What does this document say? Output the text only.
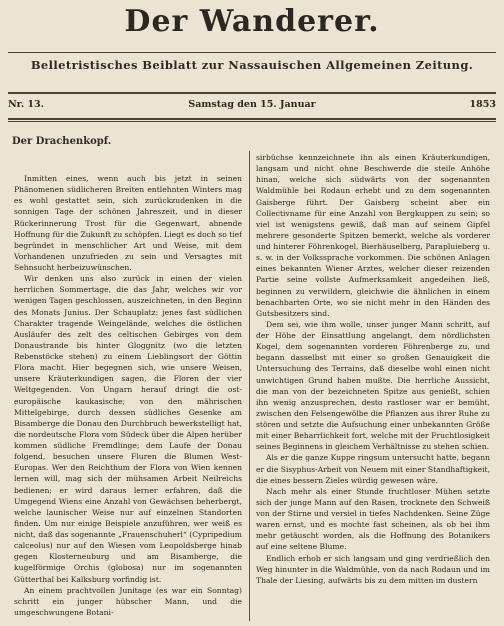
Der Wanderer.
Belletristisches Beiblatt zur Nassauischen Allgemeinen Zeitung.
Nr. 13.	Samstag den 15. Januar	1853
Der Drachenkopf.

Inmitten eines, wenn auch bis jetzt in seinen Phänomenen südlicheren Breiten entlehnten Winters mag es wohl gestattet sein, sich zurückzudenken in die sonnigen Tage der schönen Jahreszeit, und in dieser Rückerinnerung Trost für die Gegenwart, ahnende Hoffnung für die Zukunft zu schöpfen. Liegt es doch so tief begründet in menschlicher Art und Weise, mit dem Vorhandenen unzufrieden zu sein und Versagtes mit Sehnsucht herbeizuwünschen.

Wir denken uns also zurück in einen der vielen herrlichen Sommertage, die das Jahr, welches wir vor wenigen Tagen geschlossen, auszeichneten, in den Beginn des Monats Junius. Der Schauplatz: jenes fast südlichen Charakter tragende Weingelände, welches die östlichen Ausläufer des zelt des celtischen Gebirges von dem Donaustrande bis hinter Gloggnitz (wo die letzten Rebenstöcke stehen) zu einem Lieblingsort der Göttin Flora macht. Hier begegnen sich, wie unsere Weisen, unsere Kräuterkundigen sagen, die Floren der vier Weltgegenden. Von Ungarn herauf dringt die ost-europäische kaukasische; von den mährischen Mittelgebirge, durch dessen südliches Gesenke am Bisamberge die Donau den Durchbruch bewerkstelligt hat, die nordeutsche Flora vom Südeck über die Alpen herüber kommen südliche Fremdlinge; dem Laufe der Donau folgend, besuchen unsere Fluren die Blumen West-Europas. Wer den Reichthum der Flora von Wien kennen lernen will, mag sich der mühsamen Arbeit Neilreichs bedienen; er wird daraus lerner erfahren, daß die Umgegend Wiens eine Anzahl von Gewächsen beherbergt, welche launischer Weise nur auf einzelnen Standorten finden. Um nur einige Beispiele anzuführen, wer weiß es nicht, daß das sogenannte „Frauenschuherl“ (Cypripedium calceolus) nur auf den Wiesen vom Leopoldsberge hinab gegen Klosterneuburg und am Bisamberge, die kugelförmige Orchis (globosa) nur im sogenannten Gütterthal bei Kalksburg vorfindig ist.

An einem prachtvollen Junitage (es war ein Sonntag) schritt ein junger hübscher Mann, und die umgeschwungene Botani-

sirbüchse kennzeichnete ihn als einen Kräuterkundigen, langsam und nicht ohne Beschwerde die steile Anhöhe hinan, welche sich südwärts von der sogenannten Waldmühle bei Rodaun erhebt und zu dem sogenannten Gaisberge führt. Der Gaisberg scheint aber ein Collectivname für eine Anzahl von Bergkuppen zu sein; so viel ist wenigstens gewiß, daß man auf seinem Gipfel mehrere gesonderte Spitzen bemerkt, welche als vorderer und hinterer Föhrenkogel, Bierhäuselberg, Parapluieberg u. s. w. in der Volkssprache vorkommen. Die schönen Anlagen eines bekannten Wiener Arztes, welcher dieser reizenden Partie seine vollste Aufmerksamkeit angedeihen ließ, beginnen zu verwildern, gleichwie die ähnlichen in einem benachbarten Orte, wo sie nicht mehr in den Händen des Gutsbesitzers sind.

Dem sei, wie ihm wolle, unser junger Mann schritt, auf der Höhe der Einsattlung angelangt, dem nördlichsten Kogel, dem sogenannten vorderen Föhrenberge zu, und begann dasselbst mit einer so großen Genauigkeit die Untersuchung des Terrains, daß dieselbe wohl einen nicht unwichtigen Grund haben mußte. Die herrliche Aussicht, die man von der bezeichneten Spitze aus genießt, schien ihn wenig anzusprechen, desto rastloser war er bemüht, zwischen den Felsengewölbe die Pflanzen aus ihrer Ruhe zu stören und setzte die Aufsuchung einer unbekannten Größe mit einer Beharrlichkeit fort, welche mit der Fruchtlosigkeit seines Beginnens in gleichem Verhältnisse zu stehen schien.

Als er die ganze Kuppe ringsum untersucht hatte, begann er die Sisyphus-Arbeit von Neuem mit einer Standhaftigkeit, die eines bessern Zieles würdig gewesen wäre.

Nach mehr als einer Stunde fruchtloser Mühen setzte sich der junge Mann auf den Rasen, trocknete den Schweiß von der Stirne und versiel in tiefes Nachdenken. Seine Züge waren ernst, und es mochte fast scheinen, als ob bei ihm mehr getäuscht worden, als die Hoffnung des Botanikers auf eine seltene Blume.

Endlich erhob er sich langsam und ging verdrießlich den Weg hinunter in die Waldmühle, von da nach Rodaun und im Thale der Liesing, aufwärts bis zu dem mitten im dustern
